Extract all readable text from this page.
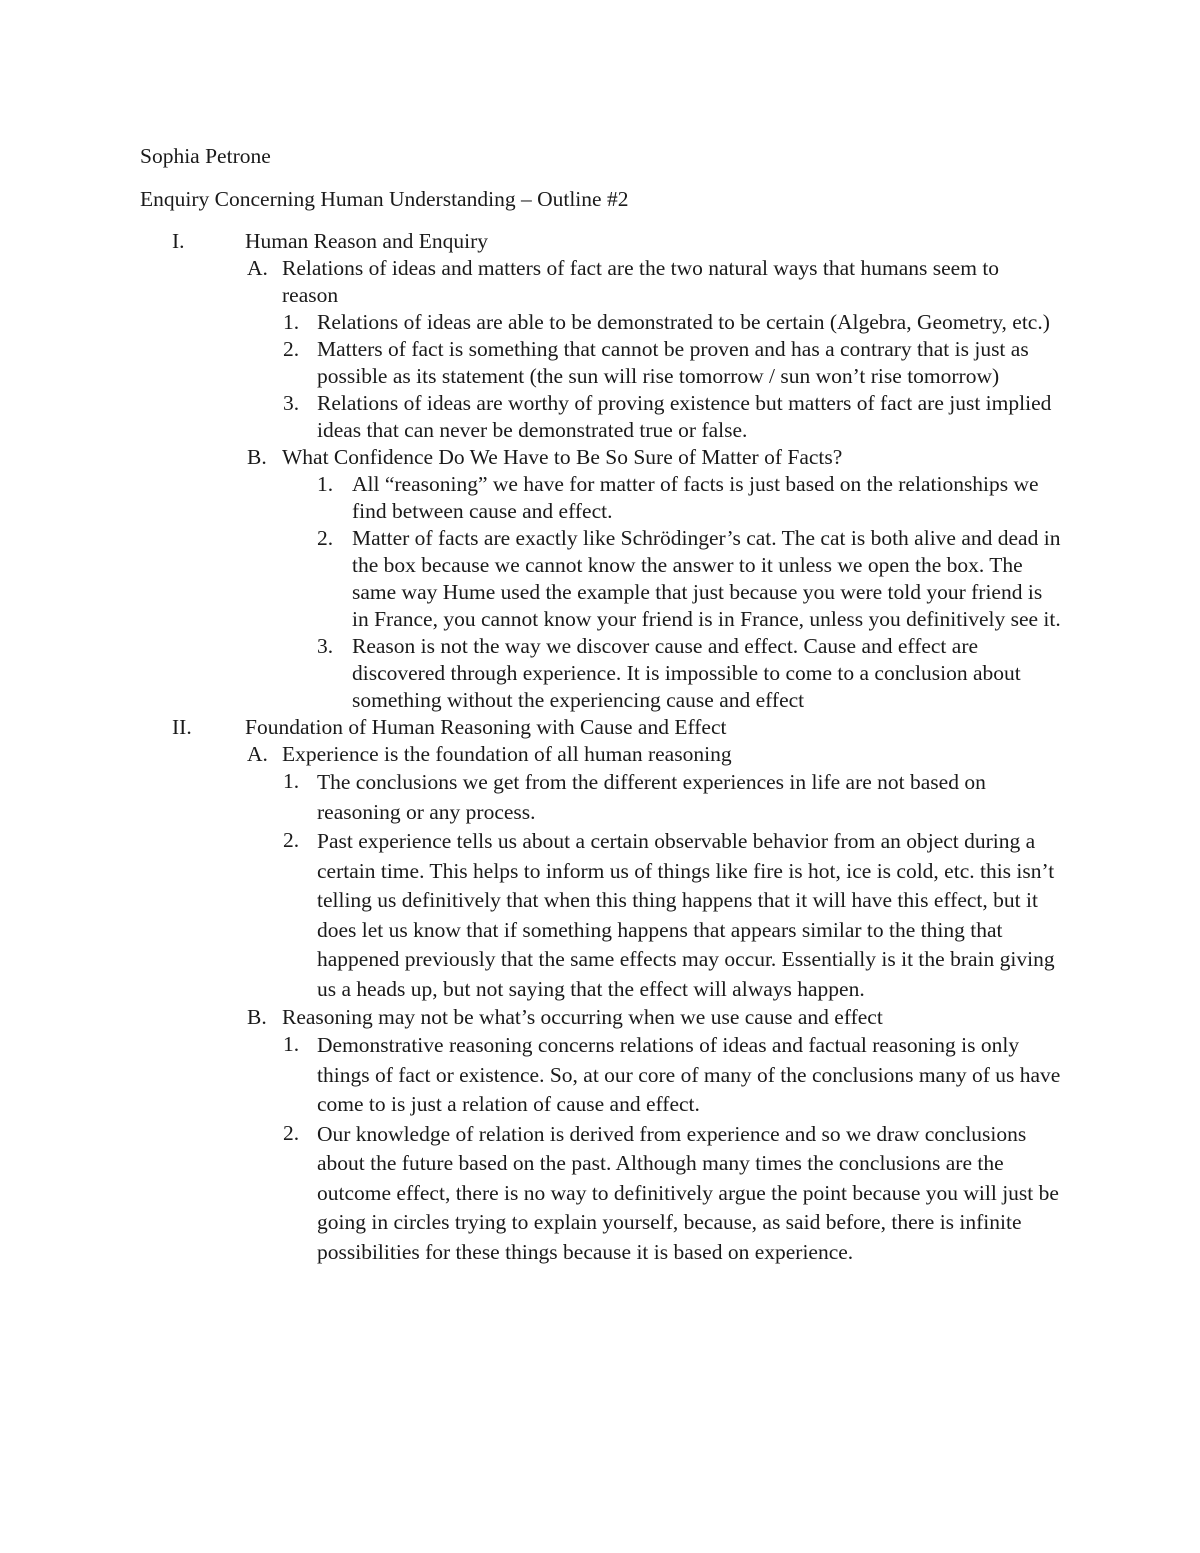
Sophia Petrone
Enquiry Concerning Human Understanding – Outline #2
I.	Human Reason and Enquiry
A. Relations of ideas and matters of fact are the two natural ways that humans seem to reason
1. Relations of ideas are able to be demonstrated to be certain (Algebra, Geometry, etc.)
2. Matters of fact is something that cannot be proven and has a contrary that is just as possible as its statement (the sun will rise tomorrow / sun won’t rise tomorrow)
3. Relations of ideas are worthy of proving existence but matters of fact are just implied ideas that can never be demonstrated true or false.
B. What Confidence Do We Have to Be So Sure of Matter of Facts?
1. All “reasoning” we have for matter of facts is just based on the relationships we find between cause and effect.
2. Matter of facts are exactly like Schrödinger’s cat. The cat is both alive and dead in the box because we cannot know the answer to it unless we open the box. The same way Hume used the example that just because you were told your friend is in France, you cannot know your friend is in France, unless you definitively see it.
3. Reason is not the way we discover cause and effect. Cause and effect are discovered through experience. It is impossible to come to a conclusion about something without the experiencing cause and effect
II. Foundation of Human Reasoning with Cause and Effect
A. Experience is the foundation of all human reasoning
1. The conclusions we get from the different experiences in life are not based on reasoning or any process.
2. Past experience tells us about a certain observable behavior from an object during a certain time. This helps to inform us of things like fire is hot, ice is cold, etc. this isn’t telling us definitively that when this thing happens that it will have this effect, but it does let us know that if something happens that appears similar to the thing that happened previously that the same effects may occur. Essentially is it the brain giving us a heads up, but not saying that the effect will always happen.
B. Reasoning may not be what’s occurring when we use cause and effect
1. Demonstrative reasoning concerns relations of ideas and factual reasoning is only things of fact or existence. So, at our core of many of the conclusions many of us have come to is just a relation of cause and effect.
2. Our knowledge of relation is derived from experience and so we draw conclusions about the future based on the past. Although many times the conclusions are the outcome effect, there is no way to definitively argue the point because you will just be going in circles trying to explain yourself, because, as said before, there is infinite possibilities for these things because it is based on experience.
